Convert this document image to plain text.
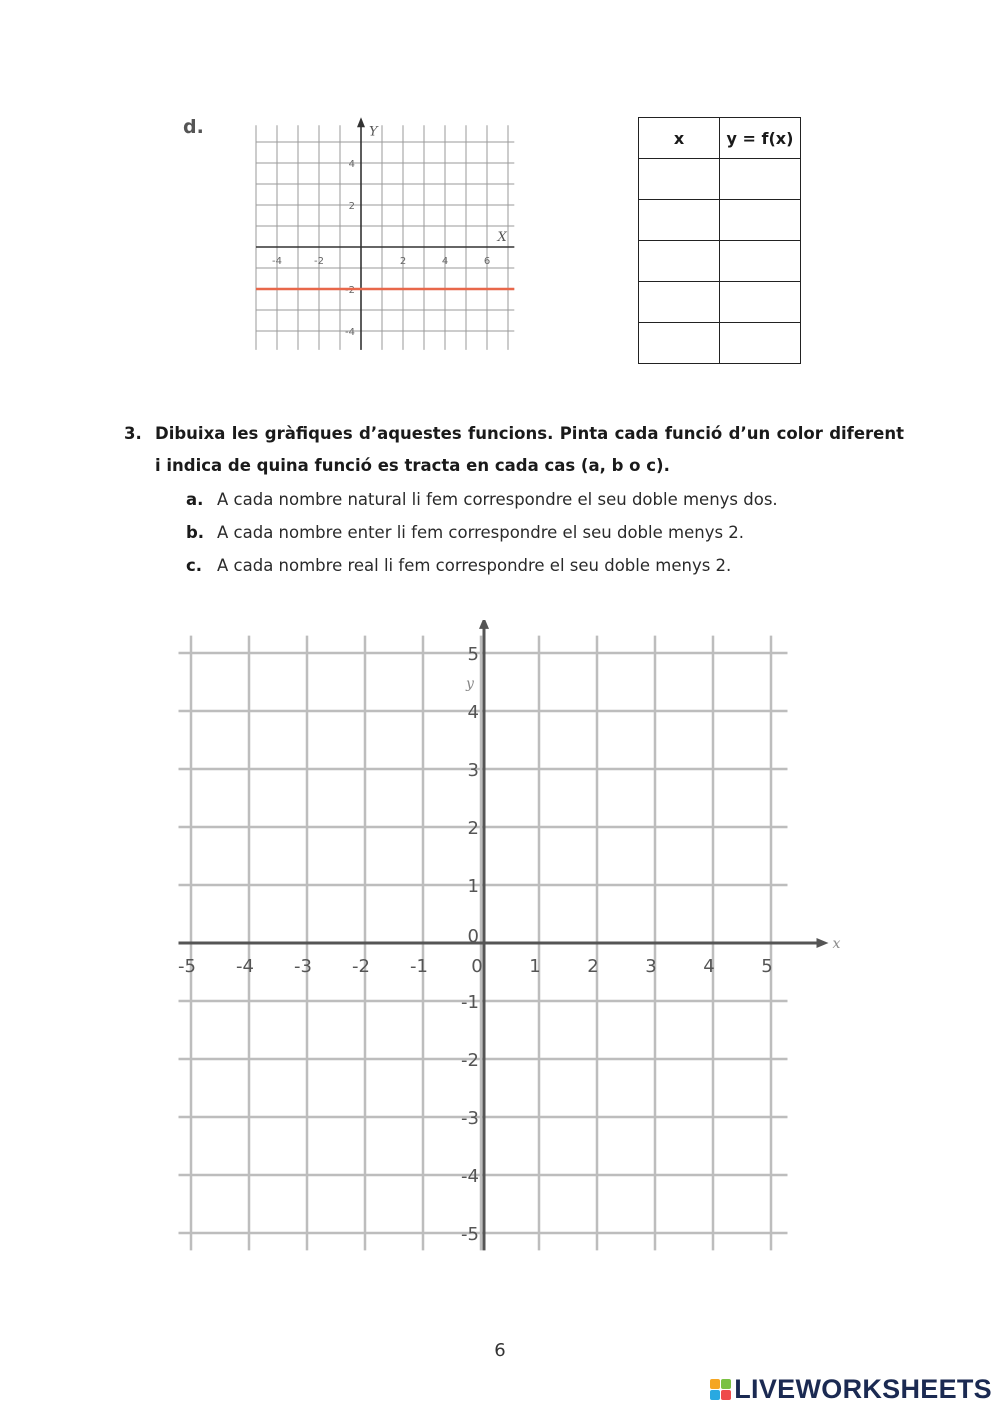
d.
X
Y
-4	-2	2	4	6
4
2
-2
-4
x	y = f(x)

3. Dibuixa les gràfiques d’aquestes funcions. Pinta cada funció d’un color diferent i indica de quina funció es tracta en cada cas (a, b o c).
a. A cada nombre natural li fem correspondre el seu doble menys dos.
b. A cada nombre enter li fem correspondre el seu doble menys 2.
c. A cada nombre real li fem correspondre el seu doble menys 2.
x
y
-5 -4 -3 -2 -1 0	1	2	3	4	5
5
4
3
2
1
0
-1
-2
-3
-4
-5
6
LIVEWORKSHEETS
